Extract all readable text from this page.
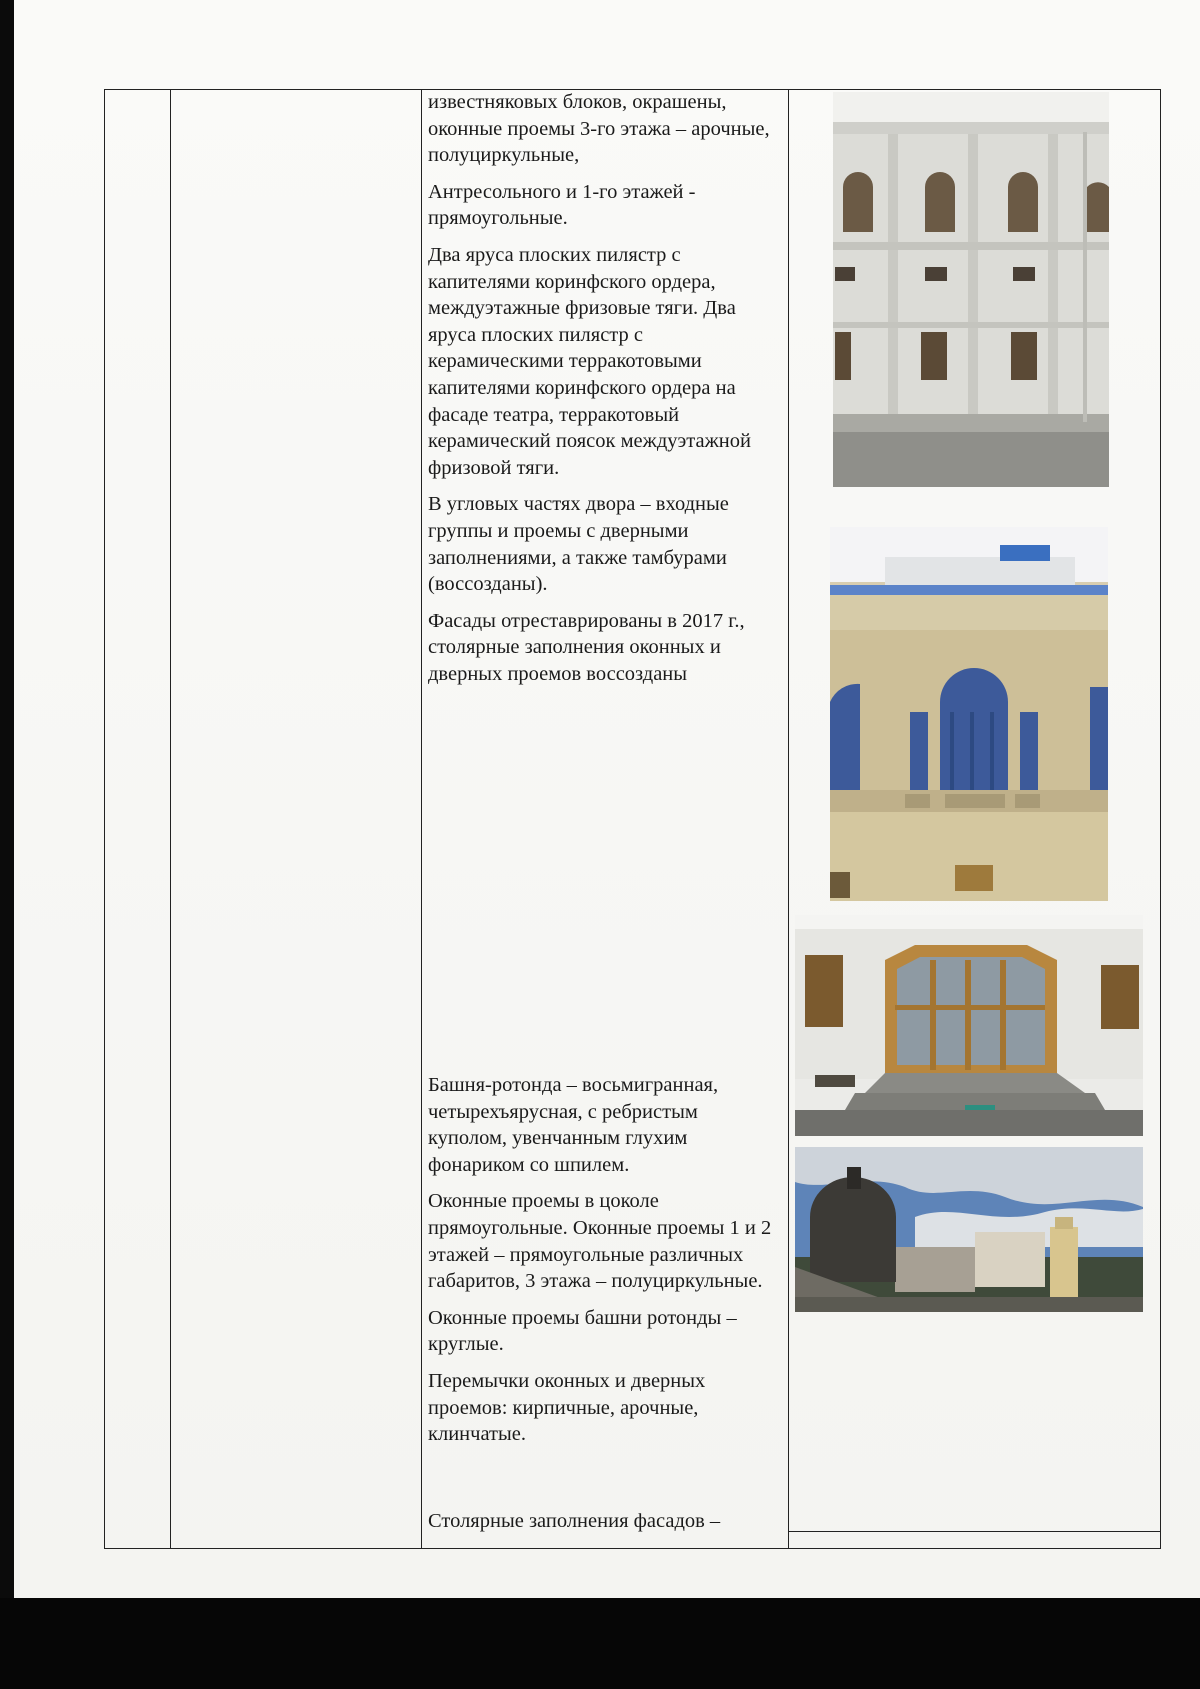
известняковых блоков, окрашены, оконные проемы 3-го этажа – арочные, полуциркульные,

Антресольного и 1-го этажей - прямоугольные.

Два яруса плоских пилястр с капителями коринфского ордера, междуэтажные фризовые тяги. Два яруса плоских пилястр с керамическими терракотовыми капителями коринфского ордера на фасаде театра, терракотовый керамический поясок междуэтажной фризовой тяги.

В угловых частях двора – входные группы и проемы с дверными заполнениями, а также тамбурами (воссозданы).

Фасады отреставрированы в 2017 г., столярные заполнения оконных и дверных проемов воссозданы

Башня-ротонда – восьмигранная, четырехъярусная, с ребристым куполом, увенчанным глухим фонариком со шпилем.

Оконные проемы в цоколе прямоугольные. Оконные проемы 1 и 2 этажей – прямоугольные различных габаритов, 3 этажа – полуциркульные.

Оконные проемы башни ротонды – круглые.

Перемычки оконных и дверных проемов: кирпичные, арочные, клинчатые.

Столярные заполнения фасадов –
